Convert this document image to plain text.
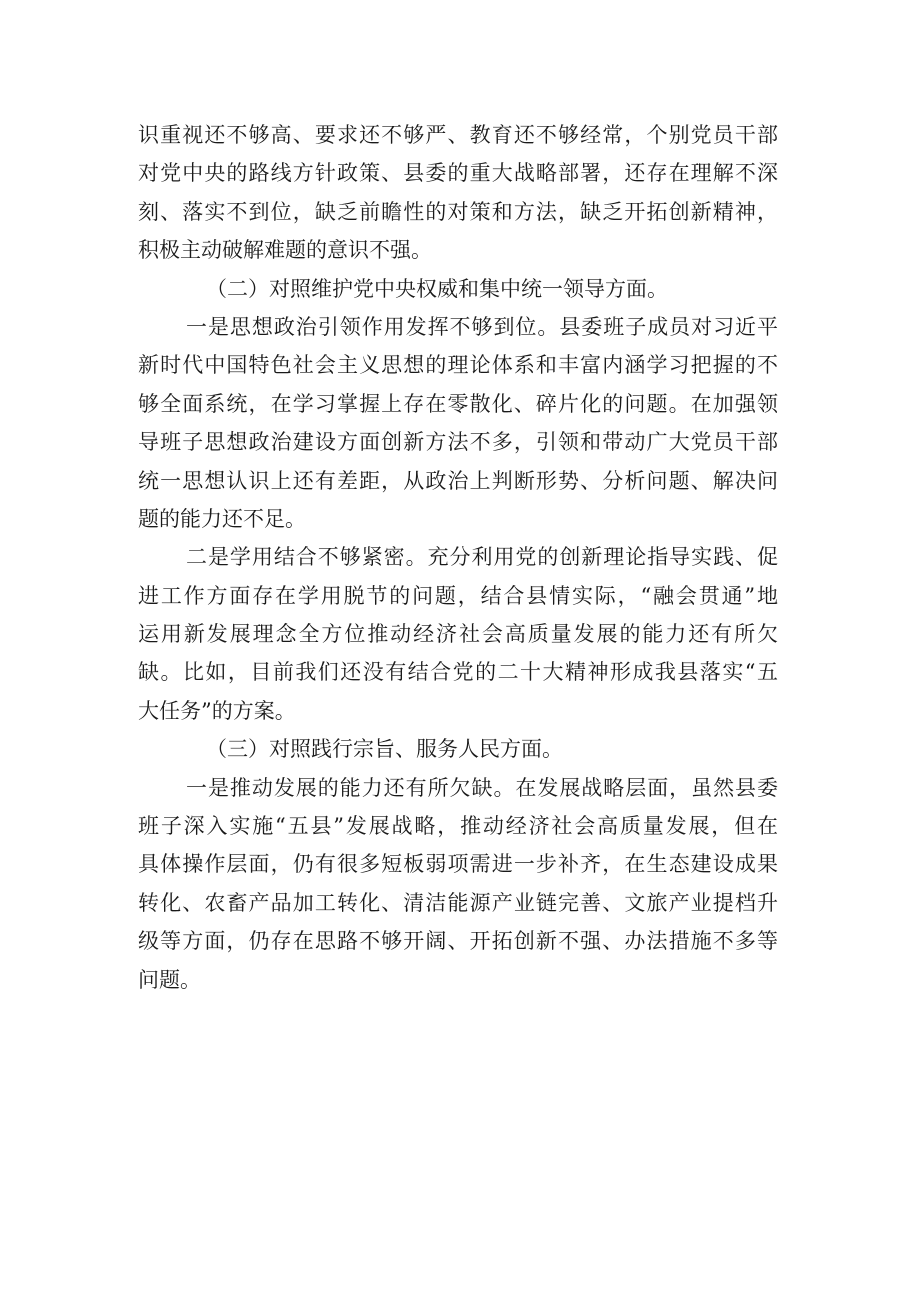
识重视还不够高、要求还不够严、教育还不够经常，个别党员干部
对党中央的路线方针政策、县委的重大战略部署，还存在理解不深
刻、落实不到位，缺乏前瞻性的对策和方法，缺乏开拓创新精神，
积极主动破解难题的意识不强。
（二）对照维护党中央权威和集中统一领导方面。
一是思想政治引领作用发挥不够到位。县委班子成员对习近平
新时代中国特色社会主义思想的理论体系和丰富内涵学习把握的不
够全面系统，在学习掌握上存在零散化、碎片化的问题。在加强领
导班子思想政治建设方面创新方法不多，引领和带动广大党员干部
统一思想认识上还有差距，从政治上判断形势、分析问题、解决问
题的能力还不足。
二是学用结合不够紧密。充分利用党的创新理论指导实践、促
进工作方面存在学用脱节的问题，结合县情实际，“融会贯通”地
运用新发展理念全方位推动经济社会高质量发展的能力还有所欠
缺。比如，目前我们还没有结合党的二十大精神形成我县落实“五
大任务”的方案。
（三）对照践行宗旨、服务人民方面。
一是推动发展的能力还有所欠缺。在发展战略层面，虽然县委
班子深入实施“五县”发展战略，推动经济社会高质量发展，但在
具体操作层面，仍有很多短板弱项需进一步补齐，在生态建设成果
转化、农畜产品加工转化、清洁能源产业链完善、文旅产业提档升
级等方面，仍存在思路不够开阔、开拓创新不强、办法措施不多等
问题。
